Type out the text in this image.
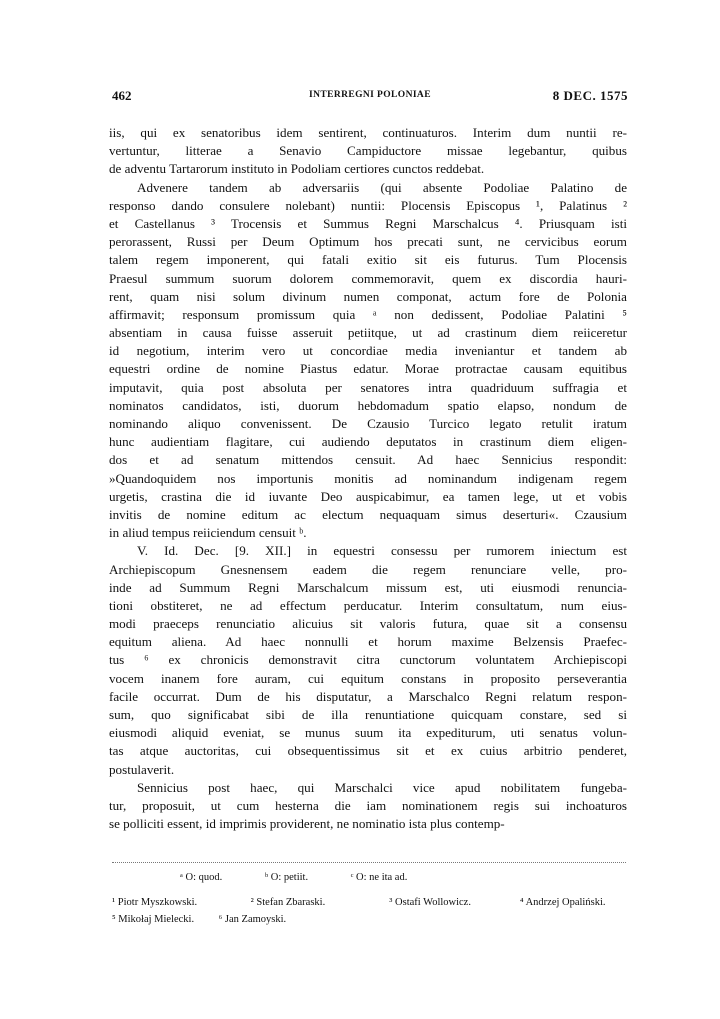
462	INTERREGNI POLONIAE	8 DEC. 1575
iis, qui ex senatoribus idem sentirent, continuaturos. Interim dum nuntii re-
vertuntur, litterae a Senavio Campiductore missae legebantur, quibus
de adventu Tartarorum instituto in Podoliam certiores cunctos reddebat.
Advenere tandem ab adversariis (qui absente Podoliae Palatino de
responso dando consulere nolebant) nuntii: Plocensis Episcopus ¹, Palatinus ²
et Castellanus ³ Trocensis et Summus Regni Marschalcus ⁴. Priusquam isti
perorassent, Russi per Deum Optimum hos precati sunt, ne cervicibus eorum
talem regem imponerent, qui fatali exitio sit eis futurus. Tum Plocensis
Praesul summum suorum dolorem commemoravit, quem ex discordia hauri-
rent, quam nisi solum divinum numen componat, actum fore de Polonia
affirmavit; responsum promissum quia ᵃ non dedissent, Podoliae Palatini ⁵
absentiam in causa fuisse asseruit petiitque, ut ad crastinum diem reiiceretur
id negotium, interim vero ut concordiae media inveniantur et tandem ab
equestri ordine de nomine Piastus edatur. Morae protractae causam equitibus
imputavit, quia post absoluta per senatores intra quadriduum suffragia et
nominatos candidatos, isti, duorum hebdomadum spatio elapso, nondum de
nominando aliquo convenissent. De Czausio Turcico legato retulit iratum
hunc audientiam flagitare, cui audiendo deputatos in crastinum diem eligen-
dos et ad senatum mittendos censuit. Ad haec Sennicius respondit:
»Quandoquidem nos importunis monitis ad nominandum indigenam regem
urgetis, crastina die id iuvante Deo auspicabimur, ea tamen lege, ut et vobis
invitis de nomine editum ac electum nequaquam simus deserturi«. Czausium
in aliud tempus reiiciendum censuit ᵇ.
V. Id. Dec. [9. XII.] in equestri consessu per rumorem iniectum est
Archiepiscopum Gnesnensem eadem die regem renunciare velle, pro-
inde ad Summum Regni Marschalcum missum est, uti eiusmodi renuncia-
tioni obstiteret, ne ad effectum perducatur. Interim consultatum, num eius-
modi praeceps renunciatio alicuius sit valoris futura, quae sit a consensu
equitum aliena. Ad haec nonnulli et horum maxime Belzensis Praefec-
tus ⁶ ex chronicis demonstravit citra cunctorum voluntatem Archiepiscopi
vocem inanem fore auram, cui equitum constans in proposito perseverantia
facile occurrat. Dum de his disputatur, a Marschalco Regni relatum respon-
sum, quo significabat sibi de illa renuntiatione quicquam constare, sed si
eiusmodi aliquid eveniat, se munus suum ita expediturum, uti senatus volun-
tas atque auctoritas, cui obsequentissimus sit et ex cuius arbitrio penderet,
postulaverit.
Sennicius post haec, qui Marschalci vice apud nobilitatem fungeba-
tur, proposuit, ut cum hesterna die iam nominationem regis sui inchoaturos
se polliciti essent, id imprimis providerent, ne nominatio ista plus contemp-
ᵃ O: quod.	ᵇ O: petiit.	ᶜ O: ne ita ad.
¹ Piotr Myszkowski.	² Stefan Zbaraski.	³ Ostafi Wollowicz.	⁴ Andrzej Opaliński.
⁵ Mikołaj Mielecki. ⁶ Jan Zamoyski.
